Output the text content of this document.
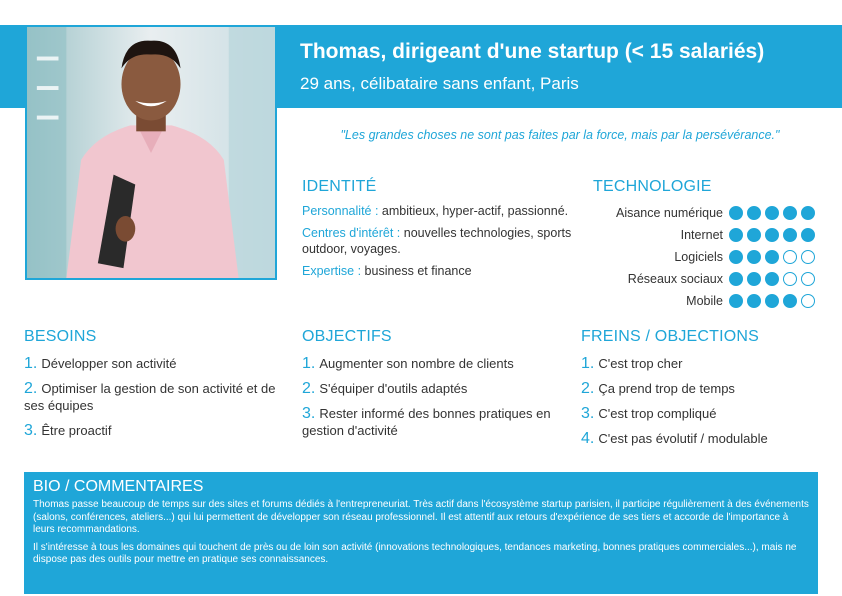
Thomas, dirigeant d'une startup (< 15 salariés)
29 ans, célibataire sans enfant, Paris
"Les grandes choses ne sont pas faites par la force, mais par la persévérance."
IDENTITÉ

Personnalité : ambitieux, hyper-actif, passionné.

Centres d'intérêt : nouvelles technologies, sports outdoor, voyages.

Expertise : business et finance

TECHNOLOGIE
Aisance numérique
Internet
Logiciels
Réseaux sociaux
Mobile
BESOINS
1. Développer son activité
2. Optimiser la gestion de son activité et de ses équipes
3. Être proactif
OBJECTIFS
1. Augmenter son nombre de clients
2. S'équiper d'outils adaptés
3. Rester informé des bonnes pratiques en gestion d'activité
FREINS / OBJECTIONS
1. C'est trop cher
2. Ça prend trop de temps
3. C'est trop compliqué
4. C'est pas évolutif / modulable
BIO / COMMENTAIRES

Thomas passe beaucoup de temps sur des sites et forums dédiés à l'entrepreneuriat. Très actif dans l'écosystème startup parisien, il participe régulièrement à des événements (salons, conférences, ateliers...) qui lui permettent de développer son réseau professionnel. Il est attentif aux retours d'expérience de ses tiers et accorde de l'importance à leurs recommandations.

Il s'intéresse à tous les domaines qui touchent de près ou de loin son activité (innovations technologiques, tendances marketing, bonnes pratiques commerciales...), mais ne dispose pas des outils pour mettre en pratique ses connaissances.
